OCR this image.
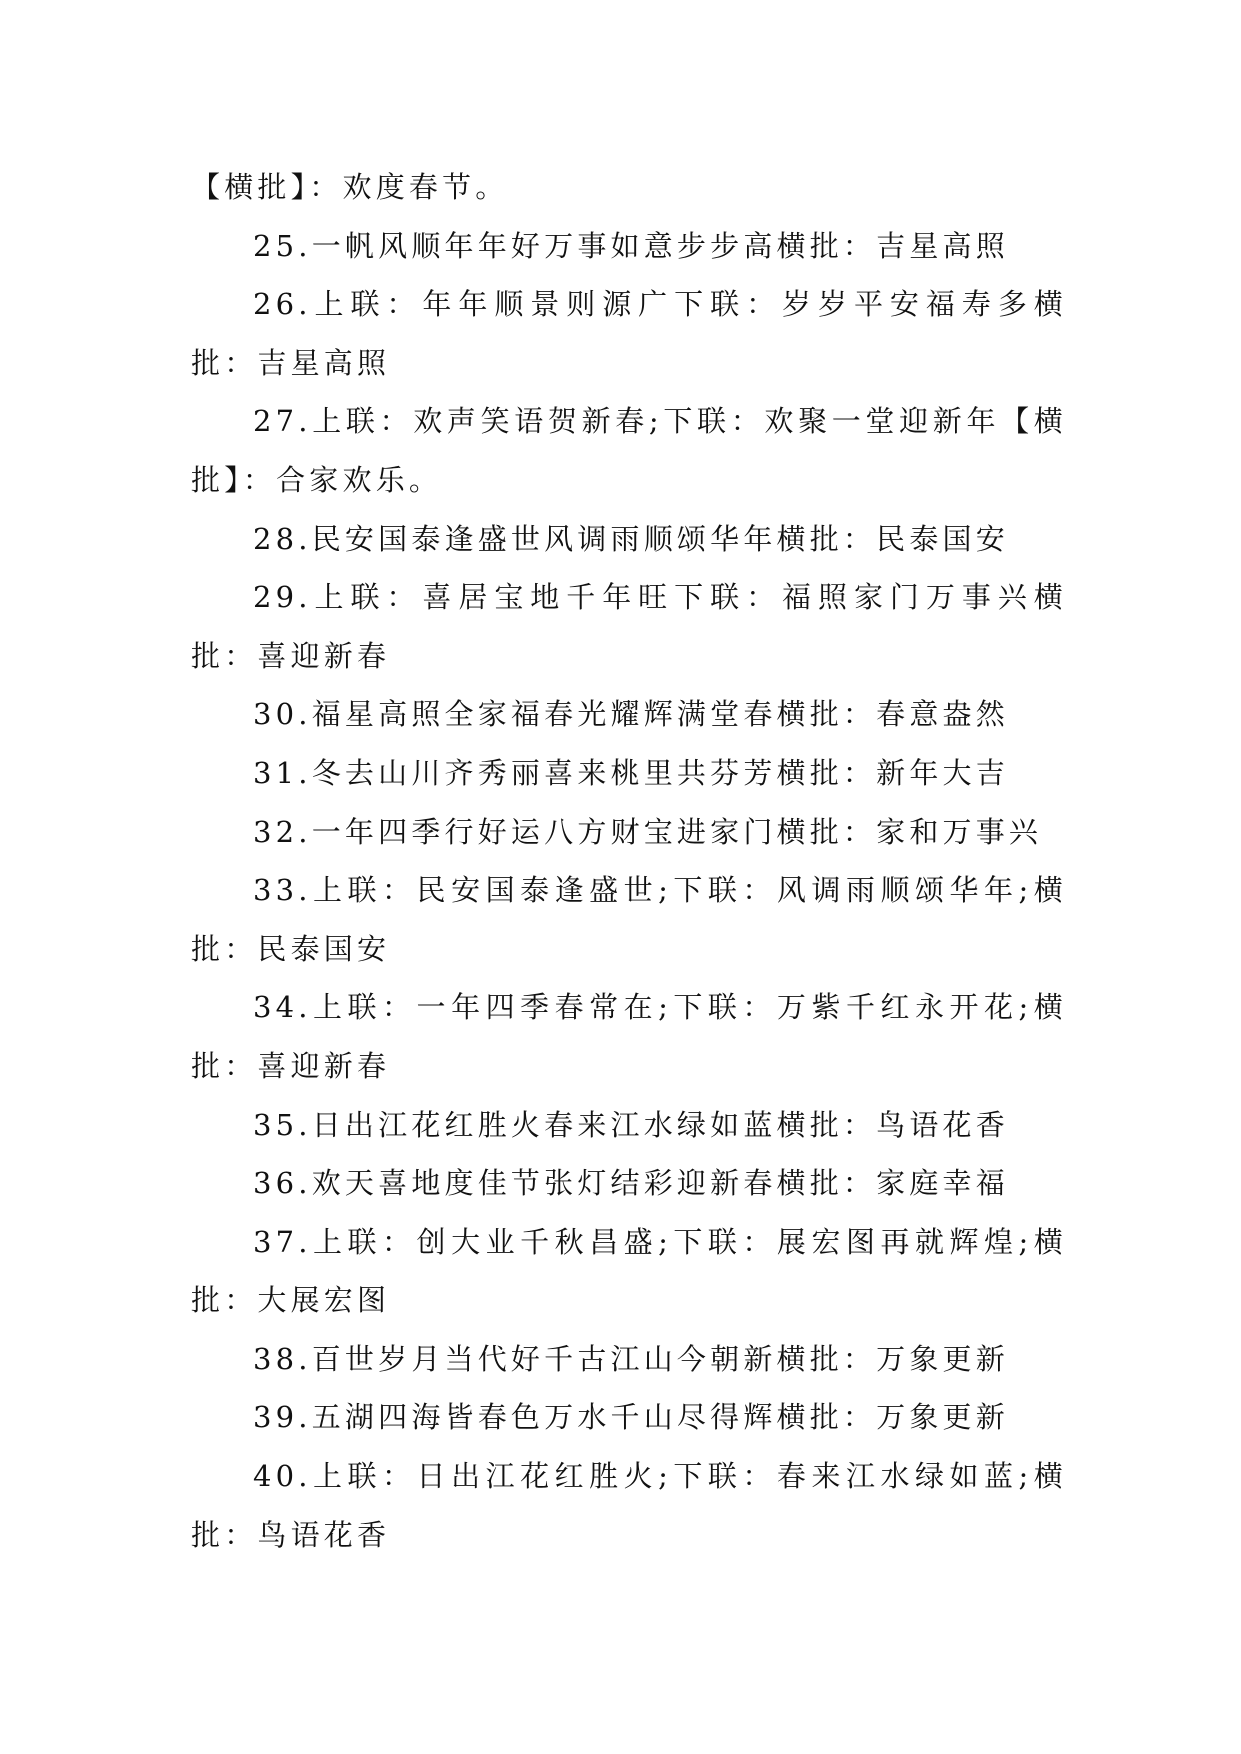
【横批】：欢度春节。

25.一帆风顺年年好万事如意步步高横批：吉星高照

26.上联：年年顺景则源广下联：岁岁平安福寿多横批：吉星高照

27.上联：欢声笑语贺新春;下联：欢聚一堂迎新年【横批】：合家欢乐。

28.民安国泰逢盛世风调雨顺颂华年横批：民泰国安

29.上联：喜居宝地千年旺下联：福照家门万事兴横批：喜迎新春

30.福星高照全家福春光耀辉满堂春横批：春意盎然

31.冬去山川齐秀丽喜来桃里共芬芳横批：新年大吉

32.一年四季行好运八方财宝进家门横批：家和万事兴

33.上联：民安国泰逢盛世;下联：风调雨顺颂华年;横批：民泰国安

34.上联：一年四季春常在;下联：万紫千红永开花;横批：喜迎新春

35.日出江花红胜火春来江水绿如蓝横批：鸟语花香

36.欢天喜地度佳节张灯结彩迎新春横批：家庭幸福

37.上联：创大业千秋昌盛;下联：展宏图再就辉煌;横批：大展宏图

38.百世岁月当代好千古江山今朝新横批：万象更新

39.五湖四海皆春色万水千山尽得辉横批：万象更新

40.上联：日出江花红胜火;下联：春来江水绿如蓝;横批：鸟语花香
